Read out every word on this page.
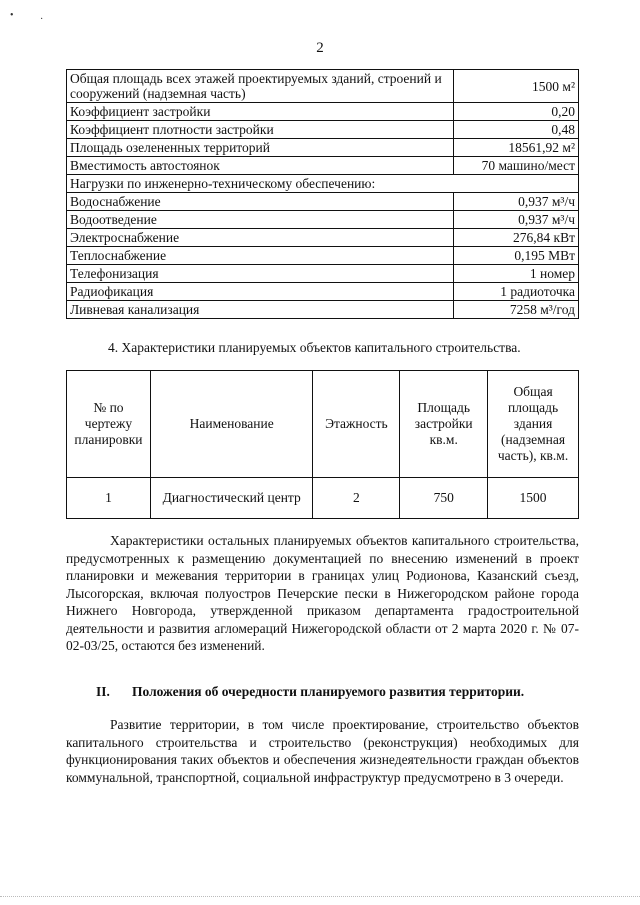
•	·
2
Общая площадь всех этажей проектируемых зданий, строений и сооружений (надземная часть)	1500 м²
Коэффициент застройки	0,20
Коэффициент плотности застройки	0,48
Площадь озелененных территорий	18561,92 м²
Вместимость автостоянок	70 машино/мест
Нагрузки по инженерно-техническому обеспечению:	
Водоснабжение	0,937 м³/ч
Водоотведение	0,937 м³/ч
Электроснабжение	276,84 кВт
Теплоснабжение	0,195 МВт
Телефонизация	1 номер
Радиофикация	1 радиоточка
Ливневая канализация	7258 м³/год
4. Характеристики планируемых объектов капитального строительства.
№ по чертежу планировки	Наименование	Этажность	Площадь застройки кв.м.	Общая площадь здания (надземная часть), кв.м.
1	Диагностический центр	2	750	1500

Характеристики остальных планируемых объектов капитального строительства, предусмотренных к размещению документацией по внесению изменений в проект планировки и межевания территории в границах улиц Родионова, Казанский съезд, Лысогорская, включая полуостров Печерские пески в Нижегородском районе города Нижнего Новгорода, утвержденной приказом департамента градостроительной деятельности и развития агломераций Нижегородской области от 2 марта 2020 г. № 07-02-03/25, остаются без изменений.

II. Положения об очередности планируемого развития территории.

Развитие территории, в том числе проектирование, строительство объектов капитального строительства и строительство (реконструкция) необходимых для функционирования таких объектов и обеспечения жизнедеятельности граждан объектов коммунальной, транспортной, социальной инфраструктур предусмотрено в 3 очереди.
